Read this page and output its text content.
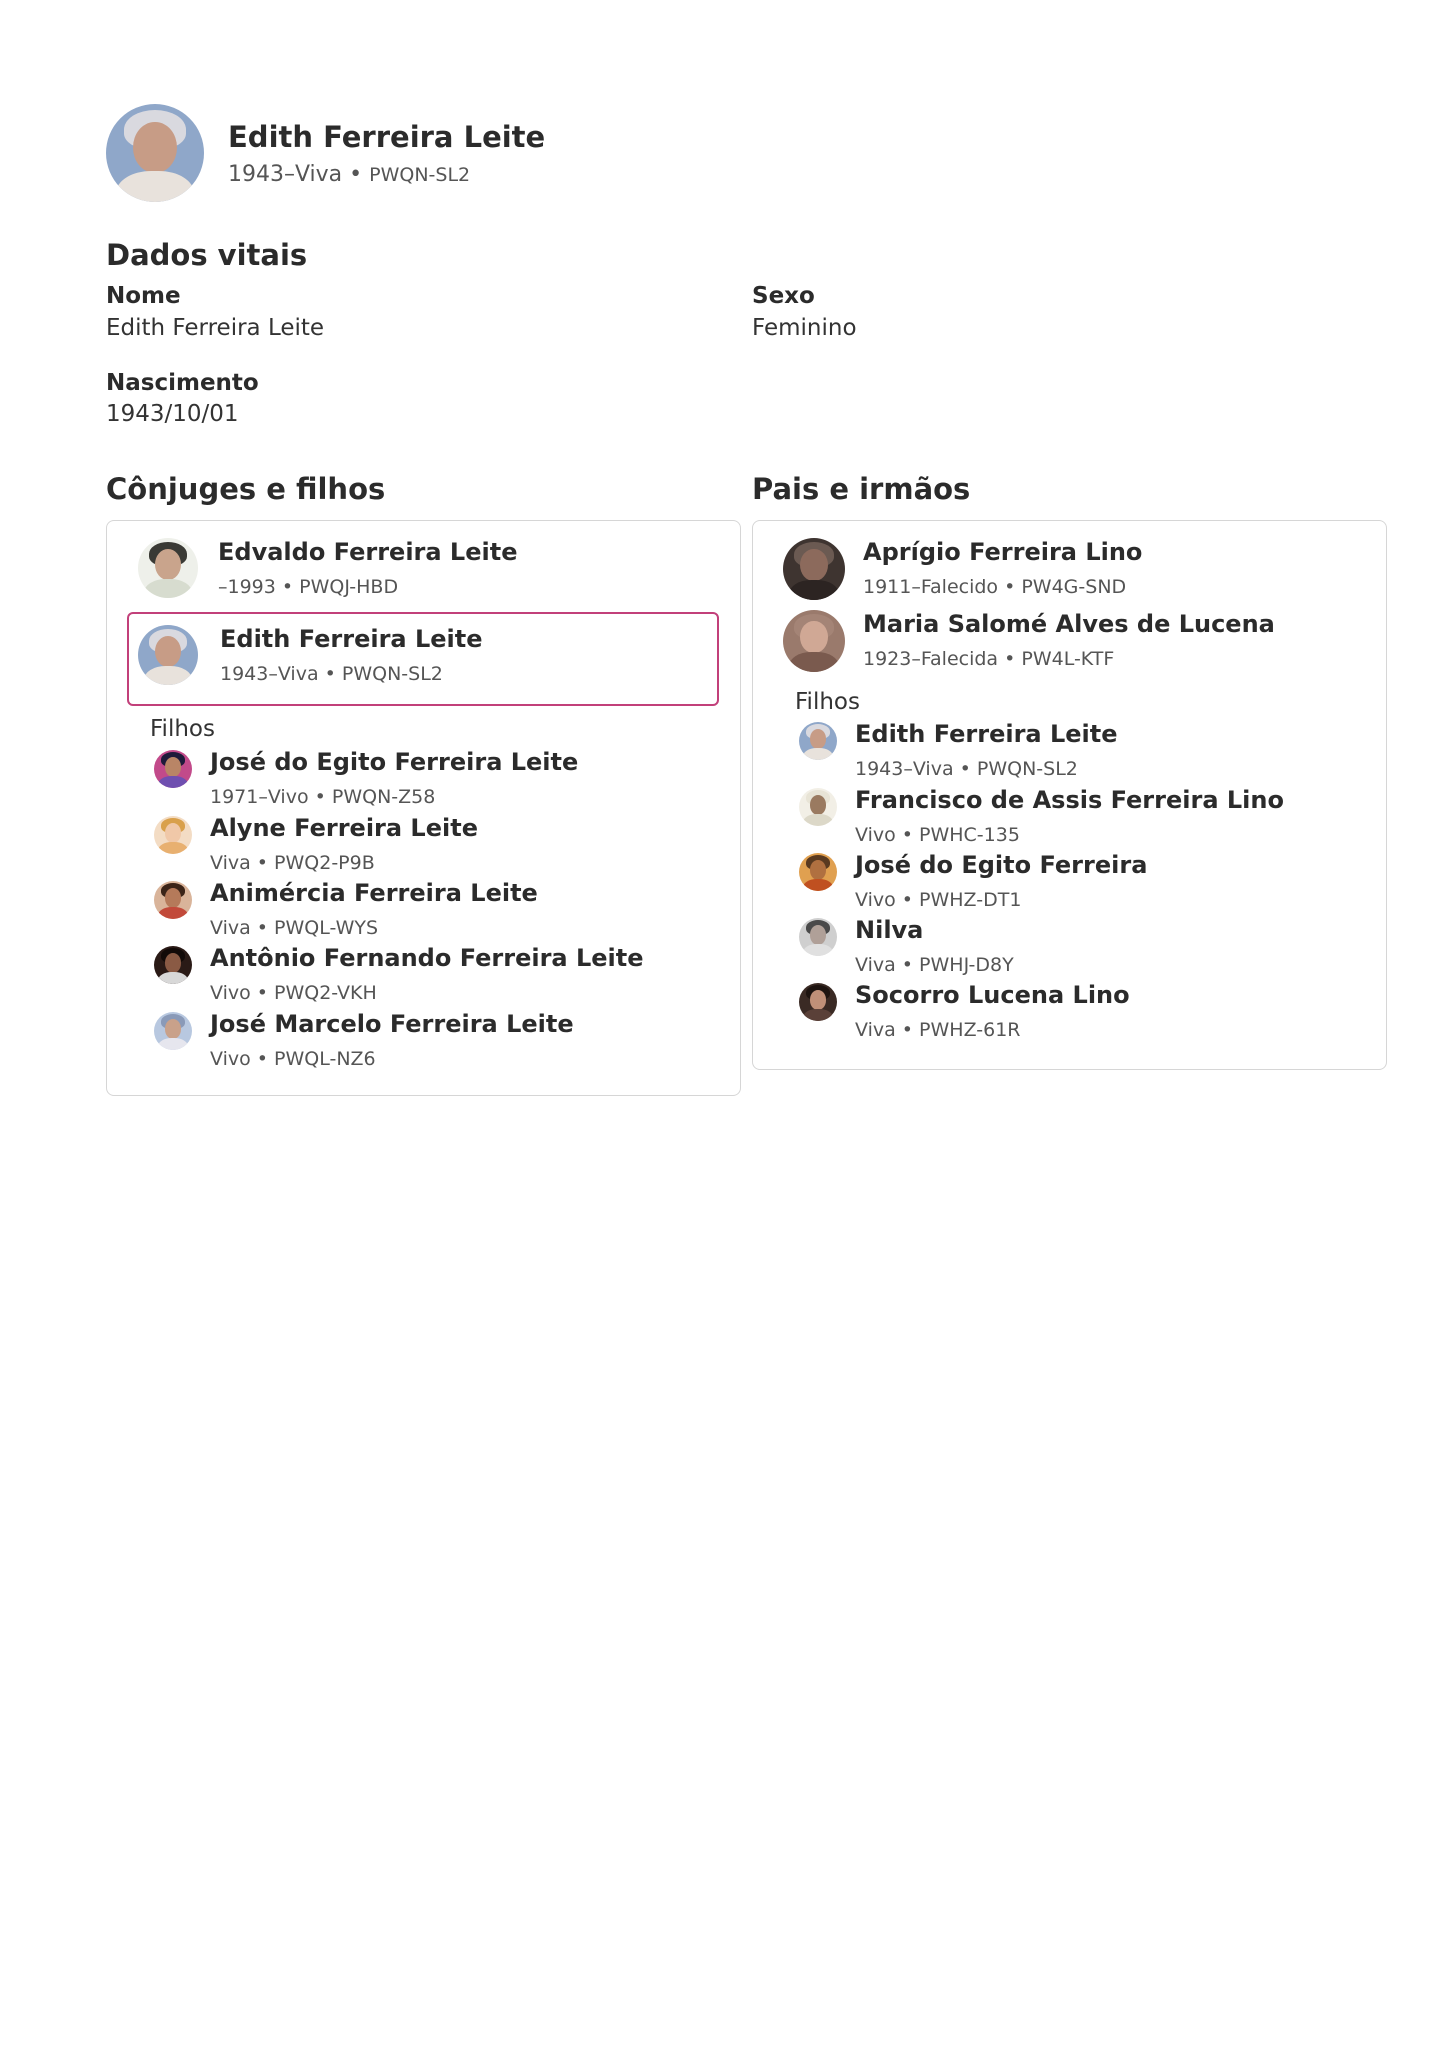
Edith Ferreira Leite
1943–Viva • PWQN-SL2
Dados vitais
Nome
Edith Ferreira Leite
Sexo
Feminino
Nascimento
1943/10/01
Cônjuges e filhos
Edvaldo Ferreira Leite
–1993 • PWQJ-HBD
Edith Ferreira Leite
1943–Viva • PWQN-SL2
Filhos
José do Egito Ferreira Leite
1971–Vivo • PWQN-Z58
Alyne Ferreira Leite
Viva • PWQ2-P9B
Animércia Ferreira Leite
Viva • PWQL-WYS
Antônio Fernando Ferreira Leite
Vivo • PWQ2-VKH
José Marcelo Ferreira Leite
Vivo • PWQL-NZ6
Pais e irmãos
Aprígio Ferreira Lino
1911–Falecido • PW4G-SND
Maria Salomé Alves de Lucena
1923–Falecida • PW4L-KTF
Filhos
Edith Ferreira Leite
1943–Viva • PWQN-SL2
Francisco de Assis Ferreira Lino
Vivo • PWHC-135
José do Egito Ferreira
Vivo • PWHZ-DT1
Nilva
Viva • PWHJ-D8Y
Socorro Lucena Lino
Viva • PWHZ-61R
